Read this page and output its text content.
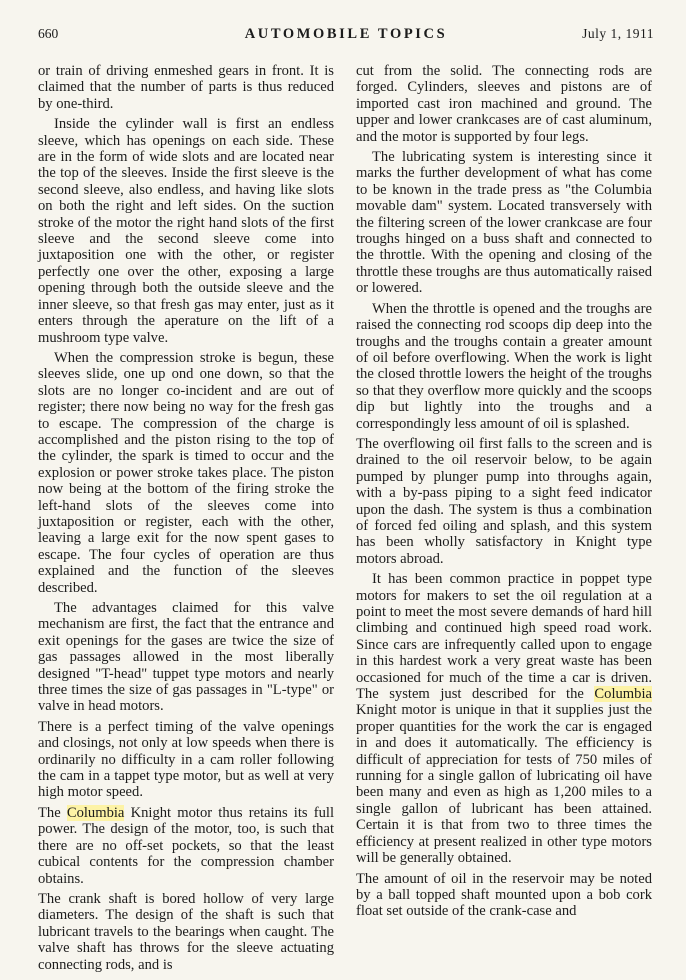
660	AUTOMOBILE TOPICS	July 1, 1911

or train of driving enmeshed gears in front. It is claimed that the number of parts is thus reduced by one-third.

Inside the cylinder wall is first an endless sleeve, which has openings on each side. These are in the form of wide slots and are located near the top of the sleeves. Inside the first sleeve is the second sleeve, also endless, and having like slots on both the right and left sides. On the suction stroke of the motor the right hand slots of the first sleeve and the second sleeve come into juxtaposition one with the other, or register perfectly one over the other, exposing a large opening through both the outside sleeve and the inner sleeve, so that fresh gas may enter, just as it enters through the aperature on the lift of a mushroom type valve.

When the compression stroke is begun, these sleeves slide, one up ond one down, so that the slots are no longer co-incident and are out of register; there now being no way for the fresh gas to escape. The compression of the charge is accomplished and the piston rising to the top of the cylinder, the spark is timed to occur and the explosion or power stroke takes place. The piston now being at the bottom of the firing stroke the left-hand slots of the sleeves come into juxtaposition or register, each with the other, leaving a large exit for the now spent gases to escape. The four cycles of operation are thus explained and the function of the sleeves described.

The advantages claimed for this valve mechanism are first, the fact that the entrance and exit openings for the gases are twice the size of gas passages allowed in the most liberally designed "T-head" tuppet type motors and nearly three times the size of gas passages in "L-type" or valve in head motors.

There is a perfect timing of the valve openings and closings, not only at low speeds when there is ordinarily no difficulty in a cam roller following the cam in a tappet type motor, but as well at very high motor speed.

The Columbia Knight motor thus retains its full power. The design of the motor, too, is such that there are no off-set pockets, so that the least cubical contents for the compression chamber obtains.

The crank shaft is bored hollow of very large diameters. The design of the shaft is such that lubricant travels to the bearings when caught. The valve shaft has throws for the sleeve actuating connecting rods, and is

cut from the solid. The connecting rods are forged. Cylinders, sleeves and pistons are of imported cast iron machined and ground. The upper and lower crankcases are of cast aluminum, and the motor is supported by four legs.

The lubricating system is interesting since it marks the further development of what has come to be known in the trade press as "the Columbia movable dam" system. Located transversely with the filtering screen of the lower crankcase are four troughs hinged on a buss shaft and connected to the throttle. With the opening and closing of the throttle these troughs are thus automatically raised or lowered.

When the throttle is opened and the troughs are raised the connecting rod scoops dip deep into the troughs and the troughs contain a greater amount of oil before overflowing. When the work is light the closed throttle lowers the height of the troughs so that they overflow more quickly and the scoops dip but lightly into the troughs and a correspondingly less amount of oil is splashed.

The overflowing oil first falls to the screen and is drained to the oil reservoir below, to be again pumped by plunger pump into throughs again, with a by-pass piping to a sight feed indicator upon the dash. The system is thus a combination of forced fed oiling and splash, and this system has been wholly satisfactory in Knight type motors abroad.

It has been common practice in poppet type motors for makers to set the oil regulation at a point to meet the most severe demands of hard hill climbing and continued high speed road work. Since cars are infrequently called upon to engage in this hardest work a very great waste has been occasioned for much of the time a car is driven. The system just described for the Columbia Knight motor is unique in that it supplies just the proper quantities for the work the car is engaged in and does it automatically. The efficiency is difficult of appreciation for tests of 750 miles of running for a single gallon of lubricating oil have been many and even as high as 1,200 miles to a single gallon of lubricant has been attained. Certain it is that from two to three times the efficiency at present realized in other type motors will be generally obtained.

The amount of oil in the reservoir may be noted by a ball topped shaft mounted upon a bob cork float set outside of the crank-case and
